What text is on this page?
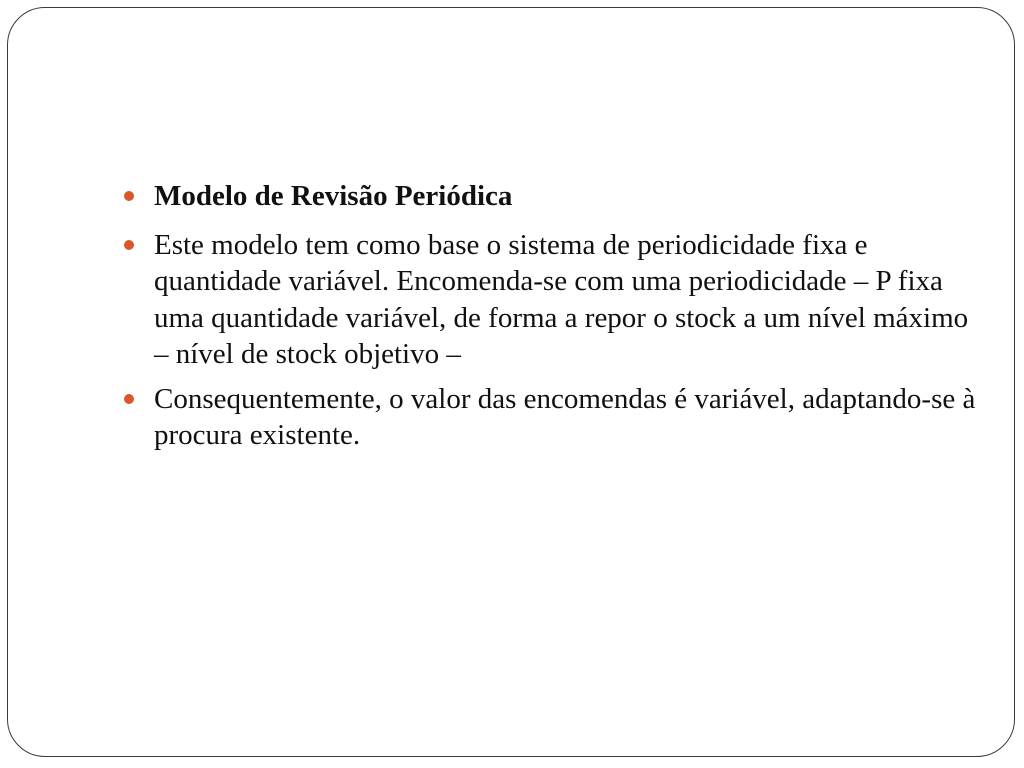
Modelo de Revisão Periódica
Este modelo tem como base o sistema de periodicidade fixa e quantidade variável. Encomenda-se com uma periodicidade – P fixa uma quantidade variável, de forma a repor o stock a um nível máximo – nível de stock objetivo –
Consequentemente, o valor das encomendas é variável, adaptando-se à procura existente.
